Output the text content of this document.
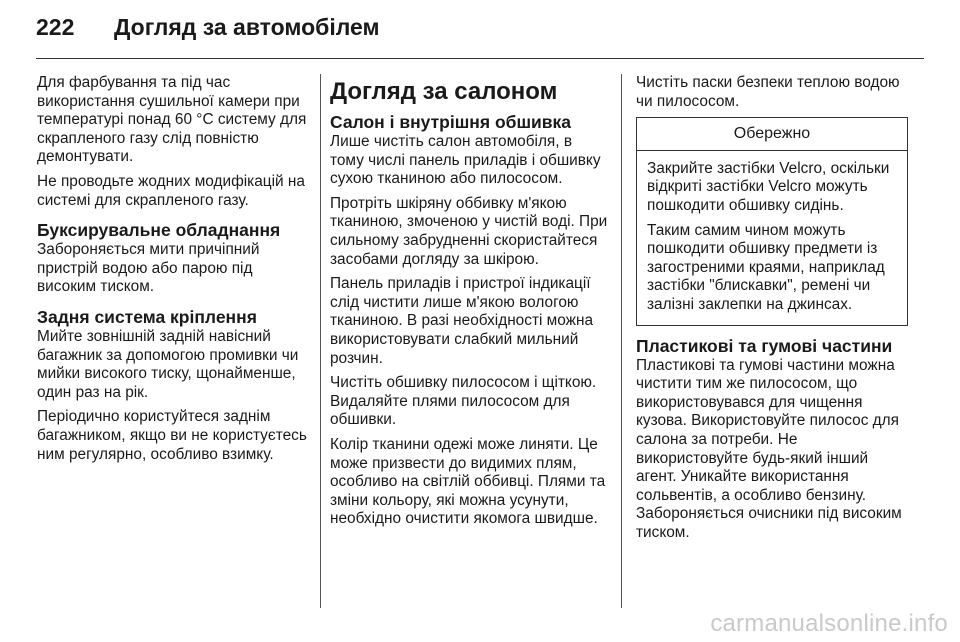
222	Догляд за автомобілем

Для фарбування та під час використання сушильної камери при температурі понад 60 °C систему для скрапленого газу слід повністю демонтувати.

Не проводьте жодних модифікацій на системі для скрапленого газу.

Буксирувальне обладнання

Забороняється мити причіпний пристрій водою або парою під високим тиском.

Задня система кріплення

Мийте зовнішній задній навісний багажник за допомогою промивки чи мийки високого тиску, щонайменше, один раз на рік.

Періодично користуйтеся заднім багажником, якщо ви не користуєтесь ним регулярно, особливо взимку.

Догляд за салоном
Салон і внутрішня обшивка

Лише чистіть салон автомобіля, в тому числі панель приладів і обшивку сухою тканиною або пилососом.

Протріть шкіряну оббивку м'якою тканиною, змоченою у чистій воді. При сильному забрудненні скористайтеся засобами догляду за шкірою.

Панель приладів і пристрої індикації слід чистити лише м'якою вологою тканиною. В разі необхідності можна використовувати слабкий мильний розчин.

Чистіть обшивку пилососом і щіткою. Видаляйте плями пилососом для обшивки.

Колір тканини одежі може линяти. Це може призвести до видимих плям, особливо на світлій оббивці. Плями та зміни кольору, які можна усунути, необхідно очистити якомога швидше.

Чистіть паски безпеки теплою водою чи пилососом.

Обережно

Закрийте застібки Velcro, оскільки відкриті застібки Velcro можуть пошкодити обшивку сидінь.

Таким самим чином можуть пошкодити обшивку предмети із загостреними краями, наприклад застібки "блискавки", ремені чи залізні заклепки на джинсах.

Пластикові та гумові частини

Пластикові та гумові частини можна чистити тим же пилососом, що використовувався для чищення кузова. Використовуйте пилосос для салона за потреби. Не використовуйте будь-який інший агент. Уникайте використання сольвентів, а особливо бензину. Забороняється очисники під високим тиском.

carmanualsonline.info
